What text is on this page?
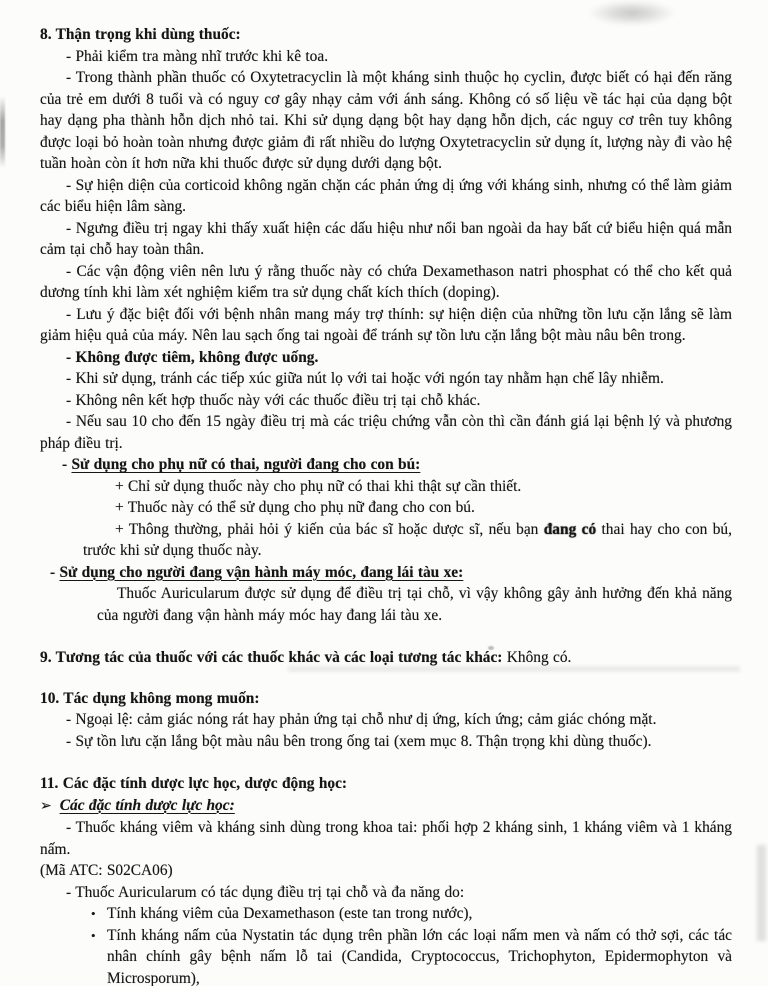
8. Thận trọng khi dùng thuốc:

- Phải kiểm tra màng nhĩ trước khi kê toa.

- Trong thành phần thuốc có Oxytetracyclin là một kháng sinh thuộc họ cyclin, được biết có hại đến răng của trẻ em dưới 8 tuổi và có nguy cơ gây nhạy cảm với ánh sáng. Không có số liệu về tác hại của dạng bột hay dạng pha thành hỗn dịch nhỏ tai. Khi sử dụng dạng bột hay dạng hỗn dịch, các nguy cơ trên tuy không được loại bỏ hoàn toàn nhưng được giảm đi rất nhiều do lượng Oxytetracyclin sử dụng ít, lượng này đi vào hệ tuần hoàn còn ít hơn nữa khi thuốc được sử dụng dưới dạng bột.

- Sự hiện diện của corticoid không ngăn chặn các phản ứng dị ứng với kháng sinh, nhưng có thể làm giảm các biểu hiện lâm sàng.

- Ngưng điều trị ngay khi thấy xuất hiện các dấu hiệu như nổi ban ngoài da hay bất cứ biểu hiện quá mẫn cảm tại chỗ hay toàn thân.

- Các vận động viên nên lưu ý rằng thuốc này có chứa Dexamethason natri phosphat có thể cho kết quả dương tính khi làm xét nghiệm kiểm tra sử dụng chất kích thích (doping).

- Lưu ý đặc biệt đối với bệnh nhân mang máy trợ thính: sự hiện diện của những tồn lưu cặn lắng sẽ làm giảm hiệu quả của máy. Nên lau sạch ống tai ngoài để tránh sự tồn lưu cặn lắng bột màu nâu bên trong.

- Không được tiêm, không được uống.

- Khi sử dụng, tránh các tiếp xúc giữa nút lọ với tai hoặc với ngón tay nhằm hạn chế lây nhiễm.

- Không nên kết hợp thuốc này với các thuốc điều trị tại chỗ khác.

- Nếu sau 10 cho đến 15 ngày điều trị mà các triệu chứng vẫn còn thì cần đánh giá lại bệnh lý và phương pháp điều trị.

- Sử dụng cho phụ nữ có thai, người đang cho con bú:

+ Chỉ sử dụng thuốc này cho phụ nữ có thai khi thật sự cần thiết.

+ Thuốc này có thể sử dụng cho phụ nữ đang cho con bú.

+ Thông thường, phải hỏi ý kiến của bác sĩ hoặc dược sĩ, nếu bạn đang có thai hay cho con bú, trước khi sử dụng thuốc này.

- Sử dụng cho người đang vận hành máy móc, đang lái tàu xe:

Thuốc Auricularum được sử dụng để điều trị tại chỗ, vì vậy không gây ảnh hưởng đến khả năng của người đang vận hành máy móc hay đang lái tàu xe.

9. Tương tác của thuốc với các thuốc khác và các loại tương tác khác: Không có.

10. Tác dụng không mong muốn:

- Ngoại lệ: cảm giác nóng rát hay phản ứng tại chỗ như dị ứng, kích ứng; cảm giác chóng mặt.

- Sự tồn lưu cặn lắng bột màu nâu bên trong ống tai (xem mục 8. Thận trọng khi dùng thuốc).

11. Các đặc tính dược lực học, dược động học:

➢ Các đặc tính dược lực học:

- Thuốc kháng viêm và kháng sinh dùng trong khoa tai: phối hợp 2 kháng sinh, 1 kháng viêm và 1 kháng nấm.

(Mã ATC: S02CA06)

- Thuốc Auricularum có tác dụng điều trị tại chỗ và đa năng do:

• Tính kháng viêm của Dexamethason (este tan trong nước),

• Tính kháng nấm của Nystatin tác dụng trên phần lớn các loại nấm men và nấm có thở sợi, các tác nhân chính gây bệnh nấm lỗ tai (Candida, Cryptococcus, Trichophyton, Epidermophyton và Microsporum),
